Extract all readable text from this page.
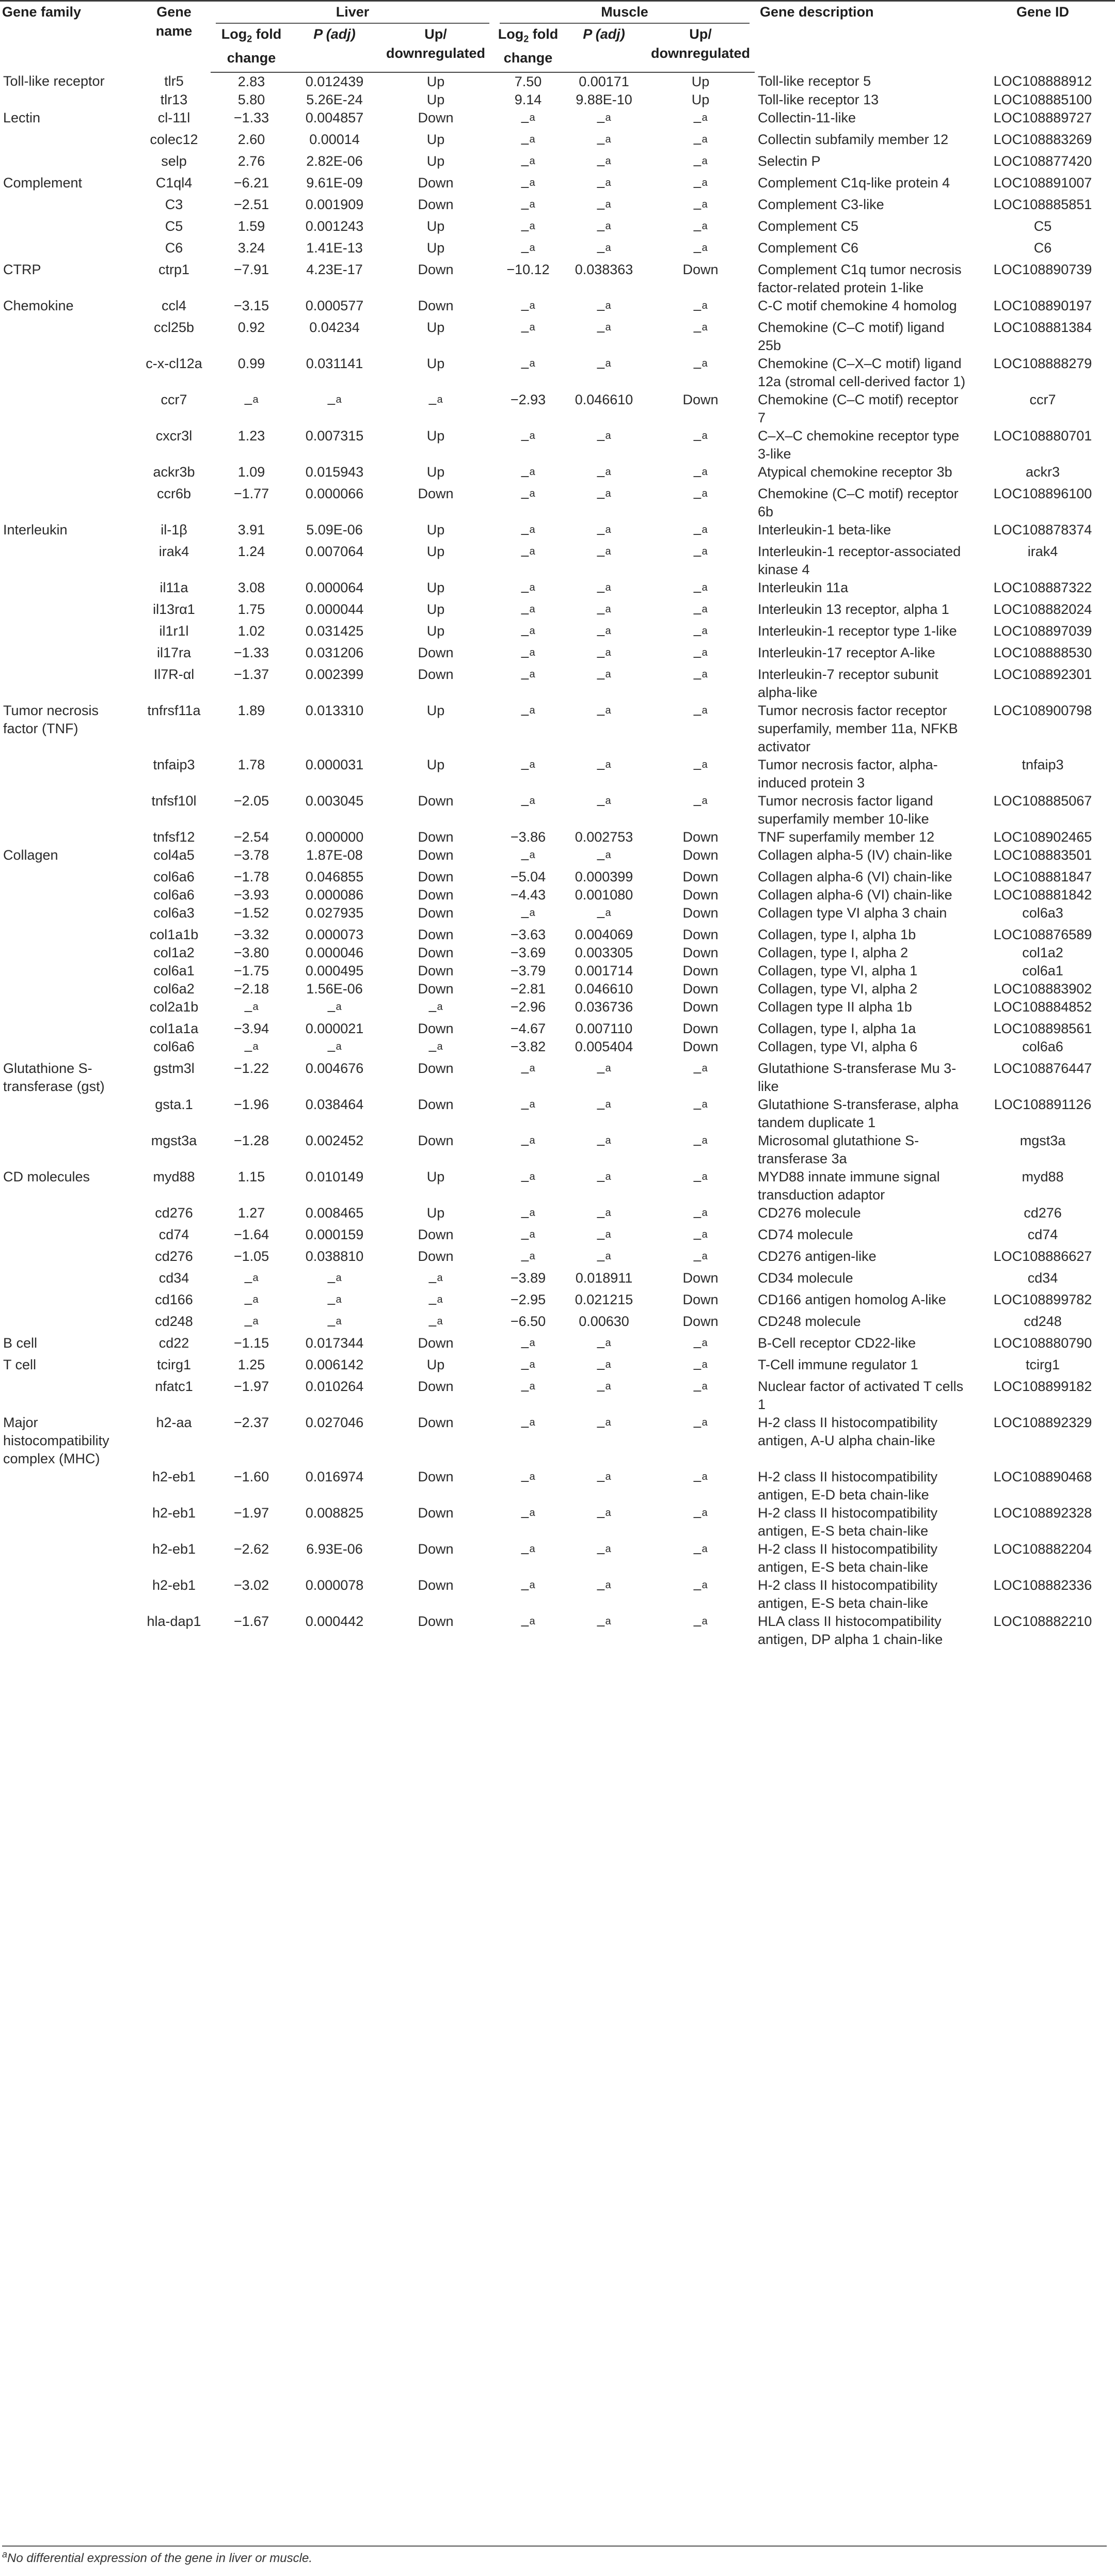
Gene family	Gene name	Liver			Muscle			Gene description	Gene ID
		Log$_2$ fold change	P (adj)	Up/ downregulated	Log$_2$ fold change	P (adj)	Up/ downregulated		
Toll-like receptor	tlr5	2.83	0.012439	Up	7.50	0.00171	Up	Toll-like receptor 5	LOC108888912
	tlr13	5.80	5.26E-24	Up	9.14	9.88E-10	Up	Toll-like receptor 13	LOC108885100
Lectin	cl-11l	−1.33	0.004857	Down	–$^a$	–$^a$	–$^a$	Collectin-11-like	LOC108889727
	colec12	2.60	0.00014	Up	–$^a$	–$^a$	–$^a$	Collectin subfamily member 12	LOC108883269
	selp	2.76	2.82E-06	Up	–$^a$	–$^a$	–$^a$	Selectin P	LOC108877420
Complement	C1ql4	−6.21	9.61E-09	Down	–$^a$	–$^a$	–$^a$	Complement C1q-like protein 4	LOC108891007
	C3	−2.51	0.001909	Down	–$^a$	–$^a$	–$^a$	Complement C3-like	LOC108885851
	C5	1.59	0.001243	Up	–$^a$	–$^a$	–$^a$	Complement C5	C5
	C6	3.24	1.41E-13	Up	–$^a$	–$^a$	–$^a$	Complement C6	C6
CTRP	ctrp1	−7.91	4.23E-17	Down	−10.12	0.038363	Down	Complement C1q tumor necrosis factor-related protein 1-like	LOC108890739
Chemokine	ccl4	−3.15	0.000577	Down	–$^a$	–$^a$	–$^a$	C-C motif chemokine 4 homolog	LOC108890197
	ccl25b	0.92	0.04234	Up	–$^a$	–$^a$	–$^a$	Chemokine (C–C motif) ligand 25b	LOC108881384
	c-x-cl12a	0.99	0.031141	Up	–$^a$	–$^a$	–$^a$	Chemokine (C–X–C motif) ligand 12a (stromal cell-derived factor 1)	LOC108888279
	ccr7	–$^a$	–$^a$	–$^a$	−2.93	0.046610	Down	Chemokine (C–C motif) receptor 7	ccr7
	cxcr3l	1.23	0.007315	Up	–$^a$	–$^a$	–$^a$	C–X–C chemokine receptor type 3-like	LOC108880701
	ackr3b	1.09	0.015943	Up	–$^a$	–$^a$	–$^a$	Atypical chemokine receptor 3b	ackr3
	ccr6b	−1.77	0.000066	Down	–$^a$	–$^a$	–$^a$	Chemokine (C–C motif) receptor 6b	LOC108896100
Interleukin	il-1β	3.91	5.09E-06	Up	–$^a$	–$^a$	–$^a$	Interleukin-1 beta-like	LOC108878374
	irak4	1.24	0.007064	Up	–$^a$	–$^a$	–$^a$	Interleukin-1 receptor-associated kinase 4	irak4
	il11a	3.08	0.000064	Up	–$^a$	–$^a$	–$^a$	Interleukin 11a	LOC108887322
	il13rα1	1.75	0.000044	Up	–$^a$	–$^a$	–$^a$	Interleukin 13 receptor, alpha 1	LOC108882024
	il1r1l	1.02	0.031425	Up	–$^a$	–$^a$	–$^a$	Interleukin-1 receptor type 1-like	LOC108897039
	il17ra	−1.33	0.031206	Down	–$^a$	–$^a$	–$^a$	Interleukin-17 receptor A-like	LOC108888530
	Il7R-αl	−1.37	0.002399	Down	–$^a$	–$^a$	–$^a$	Interleukin-7 receptor subunit alpha-like	LOC108892301
Tumor necrosis factor (TNF)	tnfrsf11a	1.89	0.013310	Up	–$^a$	–$^a$	–$^a$	Tumor necrosis factor receptor superfamily, member 11a, NFKB activator	LOC108900798
	tnfaip3	1.78	0.000031	Up	–$^a$	–$^a$	–$^a$	Tumor necrosis factor, alpha-induced protein 3	tnfaip3
	tnfsf10l	−2.05	0.003045	Down	–$^a$	–$^a$	–$^a$	Tumor necrosis factor ligand superfamily member 10-like	LOC108885067
	tnfsf12	−2.54	0.000000	Down	−3.86	0.002753	Down	TNF superfamily member 12	LOC108902465
Collagen	col4a5	−3.78	1.87E-08	Down	–$^a$	–$^a$	Down	Collagen alpha-5 (IV) chain-like	LOC108883501
	col6a6	−1.78	0.046855	Down	−5.04	0.000399	Down	Collagen alpha-6 (VI) chain-like	LOC108881847
	col6a6	−3.93	0.000086	Down	−4.43	0.001080	Down	Collagen alpha-6 (VI) chain-like	LOC108881842
	col6a3	−1.52	0.027935	Down	–$^a$	–$^a$	Down	Collagen type VI alpha 3 chain	col6a3
	col1a1b	−3.32	0.000073	Down	−3.63	0.004069	Down	Collagen, type I, alpha 1b	LOC108876589
	col1a2	−3.80	0.000046	Down	−3.69	0.003305	Down	Collagen, type I, alpha 2	col1a2
	col6a1	−1.75	0.000495	Down	−3.79	0.001714	Down	Collagen, type VI, alpha 1	col6a1
	col6a2	−2.18	1.56E-06	Down	−2.81	0.046610	Down	Collagen, type VI, alpha 2	LOC108883902
	col2a1b	–$^a$	–$^a$	–$^a$	−2.96	0.036736	Down	Collagen type II alpha 1b	LOC108884852
	col1a1a	−3.94	0.000021	Down	−4.67	0.007110	Down	Collagen, type I, alpha 1a	LOC108898561
	col6a6	–$^a$	–$^a$	–$^a$	−3.82	0.005404	Down	Collagen, type VI, alpha 6	col6a6
Glutathione S-transferase (gst)	gstm3l	−1.22	0.004676	Down	–$^a$	–$^a$	–$^a$	Glutathione S-transferase Mu 3-like	LOC108876447
	gsta.1	−1.96	0.038464	Down	–$^a$	–$^a$	–$^a$	Glutathione S-transferase, alpha tandem duplicate 1	LOC108891126
	mgst3a	−1.28	0.002452	Down	–$^a$	–$^a$	–$^a$	Microsomal glutathione S-transferase 3a	mgst3a
CD molecules	myd88	1.15	0.010149	Up	–$^a$	–$^a$	–$^a$	MYD88 innate immune signal transduction adaptor	myd88
	cd276	1.27	0.008465	Up	–$^a$	–$^a$	–$^a$	CD276 molecule	cd276
	cd74	−1.64	0.000159	Down	–$^a$	–$^a$	–$^a$	CD74 molecule	cd74
	cd276	−1.05	0.038810	Down	–$^a$	–$^a$	–$^a$	CD276 antigen-like	LOC108886627
	cd34	–$^a$	–$^a$	–$^a$	−3.89	0.018911	Down	CD34 molecule	cd34
	cd166	–$^a$	–$^a$	–$^a$	−2.95	0.021215	Down	CD166 antigen homolog A-like	LOC108899782
	cd248	–$^a$	–$^a$	–$^a$	−6.50	0.00630	Down	CD248 molecule	cd248
B cell	cd22	−1.15	0.017344	Down	–$^a$	–$^a$	–$^a$	B-Cell receptor CD22-like	LOC108880790
T cell	tcirg1	1.25	0.006142	Up	–$^a$	–$^a$	–$^a$	T-Cell immune regulator 1	tcirg1
	nfatc1	−1.97	0.010264	Down	–$^a$	–$^a$	–$^a$	Nuclear factor of activated T cells 1	LOC108899182
Major histocompatibility complex (MHC)	h2-aa	−2.37	0.027046	Down	–$^a$	–$^a$	–$^a$	H-2 class II histocompatibility antigen, A-U alpha chain-like	LOC108892329
	h2-eb1	−1.60	0.016974	Down	–$^a$	–$^a$	–$^a$	H-2 class II histocompatibility antigen, E-D beta chain-like	LOC108890468
	h2-eb1	−1.97	0.008825	Down	–$^a$	–$^a$	–$^a$	H-2 class II histocompatibility antigen, E-S beta chain-like	LOC108892328
	h2-eb1	−2.62	6.93E-06	Down	–$^a$	–$^a$	–$^a$	H-2 class II histocompatibility antigen, E-S beta chain-like	LOC108882204
	h2-eb1	−3.02	0.000078	Down	–$^a$	–$^a$	–$^a$	H-2 class II histocompatibility antigen, E-S beta chain-like	LOC108882336
	hla-dap1	−1.67	0.000442	Down	–$^a$	–$^a$	–$^a$	HLA class II histocompatibility antigen, DP alpha 1 chain-like	LOC108882210
$^a$No differential expression of the gene in liver or muscle.
